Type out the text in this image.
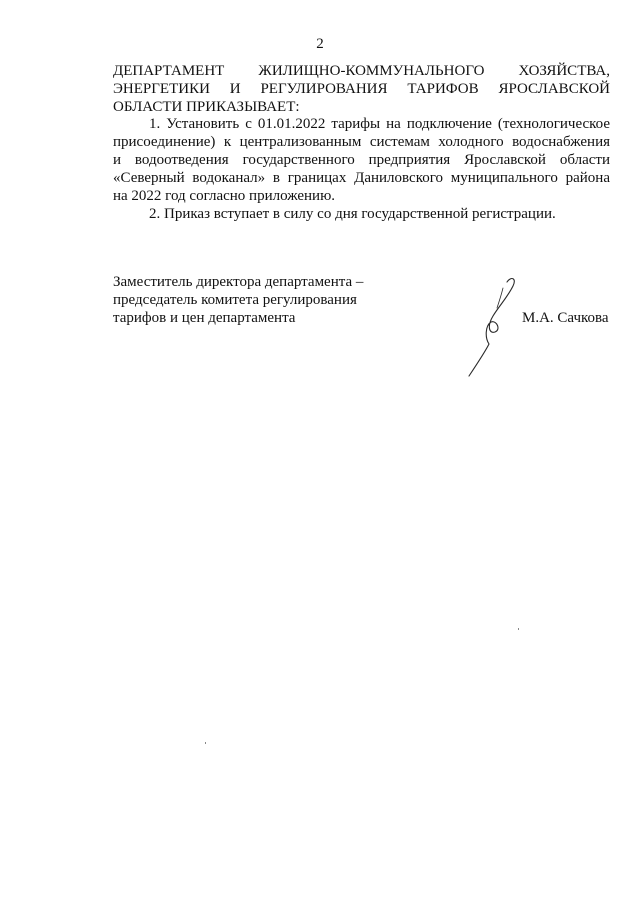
2
ДЕПАРТАМЕНТ ЖИЛИЩНО-КОММУНАЛЬНОГО ХОЗЯЙСТВА,
ЭНЕРГЕТИКИ И РЕГУЛИРОВАНИЯ ТАРИФОВ ЯРОСЛАВСКОЙ
ОБЛАСТИ ПРИКАЗЫВАЕТ:
1. Установить с 01.01.2022 тарифы на подключение (технологическое
присоединение) к централизованным системам холодного водоснабжения
и водоотведения государственного предприятия Ярославской области
«Северный водоканал» в границах Даниловского муниципального района
на 2022 год согласно приложению.
2. Приказ вступает в силу со дня государственной регистрации.
Заместитель директора департамента –
председатель комитета регулирования
тарифов и цен департамента	М.А. Сачкова
